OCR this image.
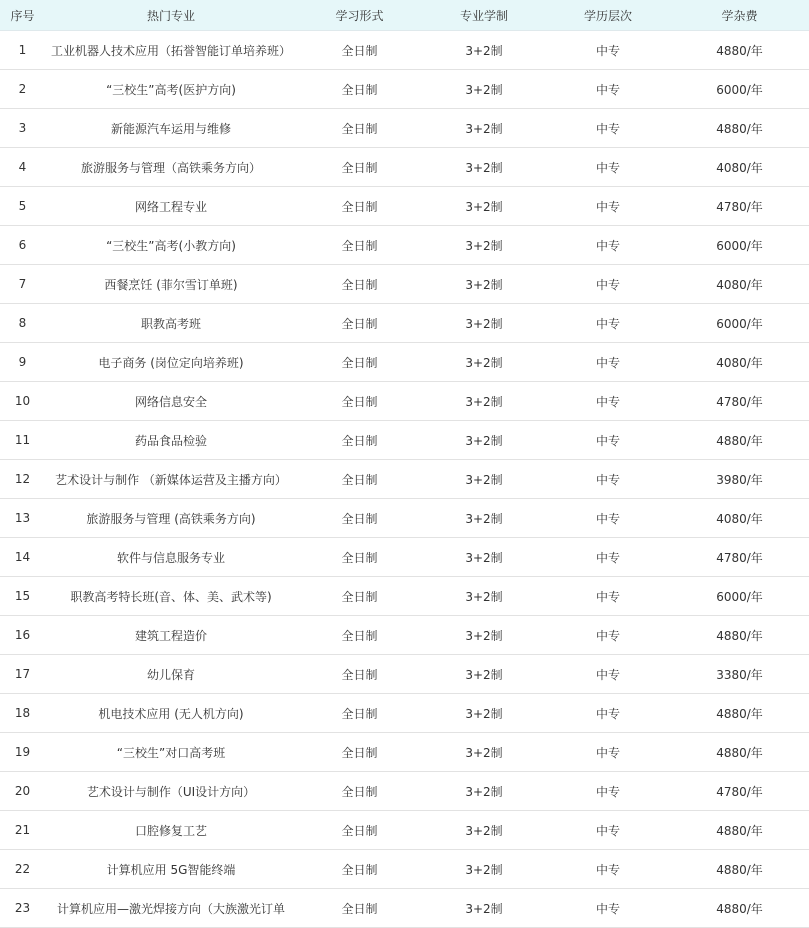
序号	热门专业	学习形式	专业学制	学历层次	学杂费
1	工业机器人技术应用（拓誉智能订单培养班）	全日制	3+2制	中专	4880/年
2	“三校生”高考(医护方向)	全日制	3+2制	中专	6000/年
3	新能源汽车运用与维修	全日制	3+2制	中专	4880/年
4	旅游服务与管理（高铁乘务方向）	全日制	3+2制	中专	4080/年
5	网络工程专业	全日制	3+2制	中专	4780/年
6	“三校生”高考(小教方向)	全日制	3+2制	中专	6000/年
7	西餐烹饪 (菲尔雪订单班)	全日制	3+2制	中专	4080/年
8	职教高考班	全日制	3+2制	中专	6000/年
9	电子商务 (岗位定向培养班)	全日制	3+2制	中专	4080/年
10	网络信息安全	全日制	3+2制	中专	4780/年
11	药品食品检验	全日制	3+2制	中专	4880/年
12	艺术设计与制作 （新媒体运营及主播方向）	全日制	3+2制	中专	3980/年
13	旅游服务与管理 (高铁乘务方向)	全日制	3+2制	中专	4080/年
14	软件与信息服务专业	全日制	3+2制	中专	4780/年
15	职教高考特长班(音、体、美、武术等)	全日制	3+2制	中专	6000/年
16	建筑工程造价	全日制	3+2制	中专	4880/年
17	幼儿保育	全日制	3+2制	中专	3380/年
18	机电技术应用 (无人机方向)	全日制	3+2制	中专	4880/年
19	“三校生”对口高考班	全日制	3+2制	中专	4880/年
20	艺术设计与制作（UI设计方向）	全日制	3+2制	中专	4780/年
21	口腔修复工艺	全日制	3+2制	中专	4880/年
22	计算机应用 5G智能终端	全日制	3+2制	中专	4880/年
23	计算机应用—激光焊接方向（大族激光订单	全日制	3+2制	中专	4880/年
